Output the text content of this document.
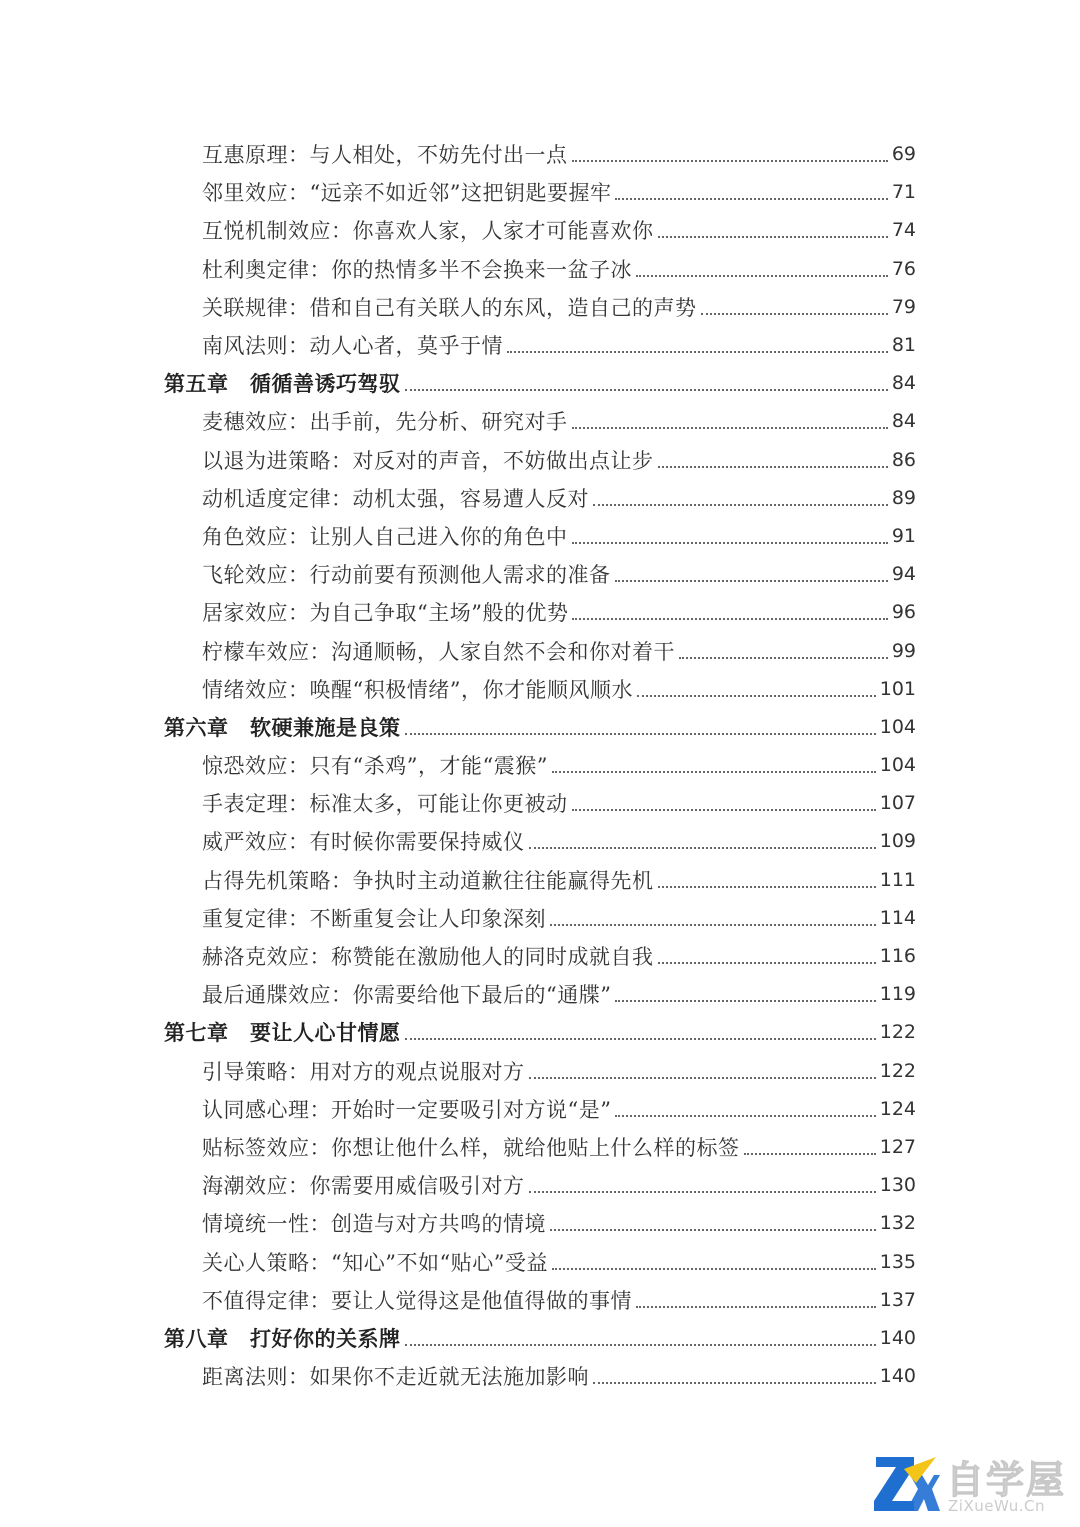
互惠原理：与人相处，不妨先付出一点	69
邻里效应：“远亲不如近邻”这把钥匙要握牢	71
互悦机制效应：你喜欢人家，人家才可能喜欢你	74
杜利奥定律：你的热情多半不会换来一盆子冰	76
关联规律：借和自己有关联人的东风，造自己的声势	79
南风法则：动人心者，莫乎于情	81
第五章　循循善诱巧驾驭	84
麦穗效应：出手前，先分析、研究对手	84
以退为进策略：对反对的声音，不妨做出点让步	86
动机适度定律：动机太强，容易遭人反对	89
角色效应：让别人自己进入你的角色中	91
飞轮效应：行动前要有预测他人需求的准备	94
居家效应：为自己争取“主场”般的优势	96
柠檬车效应：沟通顺畅，人家自然不会和你对着干	99
情绪效应：唤醒“积极情绪”，你才能顺风顺水	101
第六章　软硬兼施是良策	104
惊恐效应：只有“杀鸡”，才能“震猴”	104
手表定理：标准太多，可能让你更被动	107
威严效应：有时候你需要保持威仪	109
占得先机策略：争执时主动道歉往往能赢得先机	111
重复定律：不断重复会让人印象深刻	114
赫洛克效应：称赞能在激励他人的同时成就自我	116
最后通牒效应：你需要给他下最后的“通牒”	119
第七章　要让人心甘情愿	122
引导策略：用对方的观点说服对方	122
认同感心理：开始时一定要吸引对方说“是”	124
贴标签效应：你想让他什么样，就给他贴上什么样的标签	127
海潮效应：你需要用威信吸引对方	130
情境统一性：创造与对方共鸣的情境	132
关心人策略：“知心”不如“贴心”受益	135
不值得定律：要让人觉得这是他值得做的事情	137
第八章　打好你的关系牌	140
距离法则：如果你不走近就无法施加影响	140
自学屋
ZiXueWu.Cn
